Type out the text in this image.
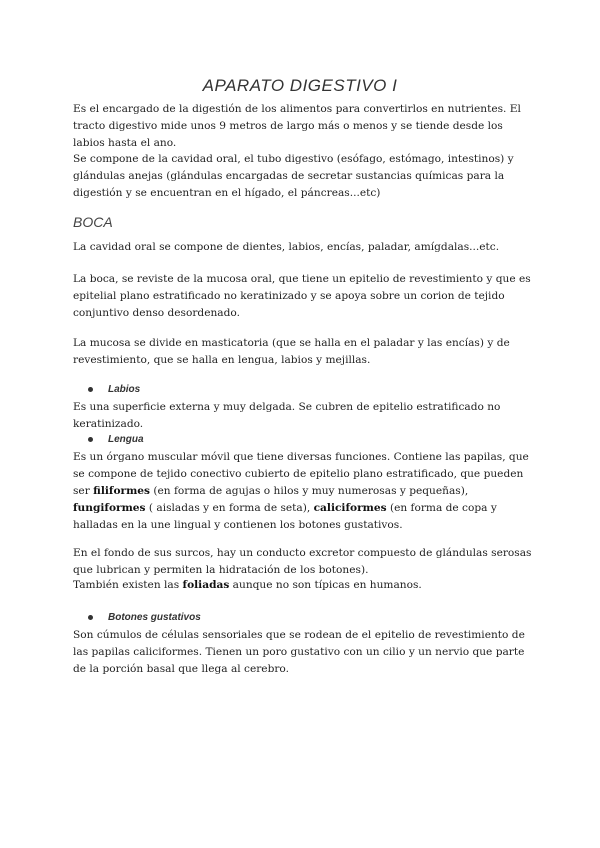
APARATO DIGESTIVO I

Es el encargado de la digestión de los alimentos para convertirlos en nutrientes. El tracto digestivo mide unos 9 metros de largo más o menos y se tiende desde los labios hasta el ano.

Se compone de la cavidad oral, el tubo digestivo (esófago, estómago, intestinos) y glándulas anejas (glándulas encargadas de secretar sustancias químicas para la digestión y se encuentran en el hígado, el páncreas...etc)

BOCA

La cavidad oral se compone de dientes, labios, encías, paladar, amígdalas...etc.

La boca, se reviste de la mucosa oral, que tiene un epitelio de revestimiento y que es epitelial plano estratificado no keratinizado y se apoya sobre un corion de tejido conjuntivo denso desordenado.

La mucosa se divide en masticatoria (que se halla en el paladar y las encías) y de revestimiento, que se halla en lengua, labios y mejillas.

Labios

Es una superficie externa y muy delgada. Se cubren de epitelio estratificado no keratinizado.

Lengua

Es un órgano muscular móvil que tiene diversas funciones. Contiene las papilas, que se compone de tejido conectivo cubierto de epitelio plano estratificado, que pueden ser filiformes (en forma de agujas o hilos y muy numerosas y pequeñas), fungiformes ( aisladas y en forma de seta), caliciformes (en forma de copa y halladas en la une lingual y contienen los botones gustativos.

En el fondo de sus surcos, hay un conducto excretor compuesto de glándulas serosas que lubrican y permiten la hidratación de los botones).

También existen las foliadas aunque no son típicas en humanos.

Botones gustativos

Son cúmulos de células sensoriales que se rodean de el epitelio de revestimiento de las papilas caliciformes. Tienen un poro gustativo con un cilio y un nervio que parte de la porción basal que llega al cerebro.
